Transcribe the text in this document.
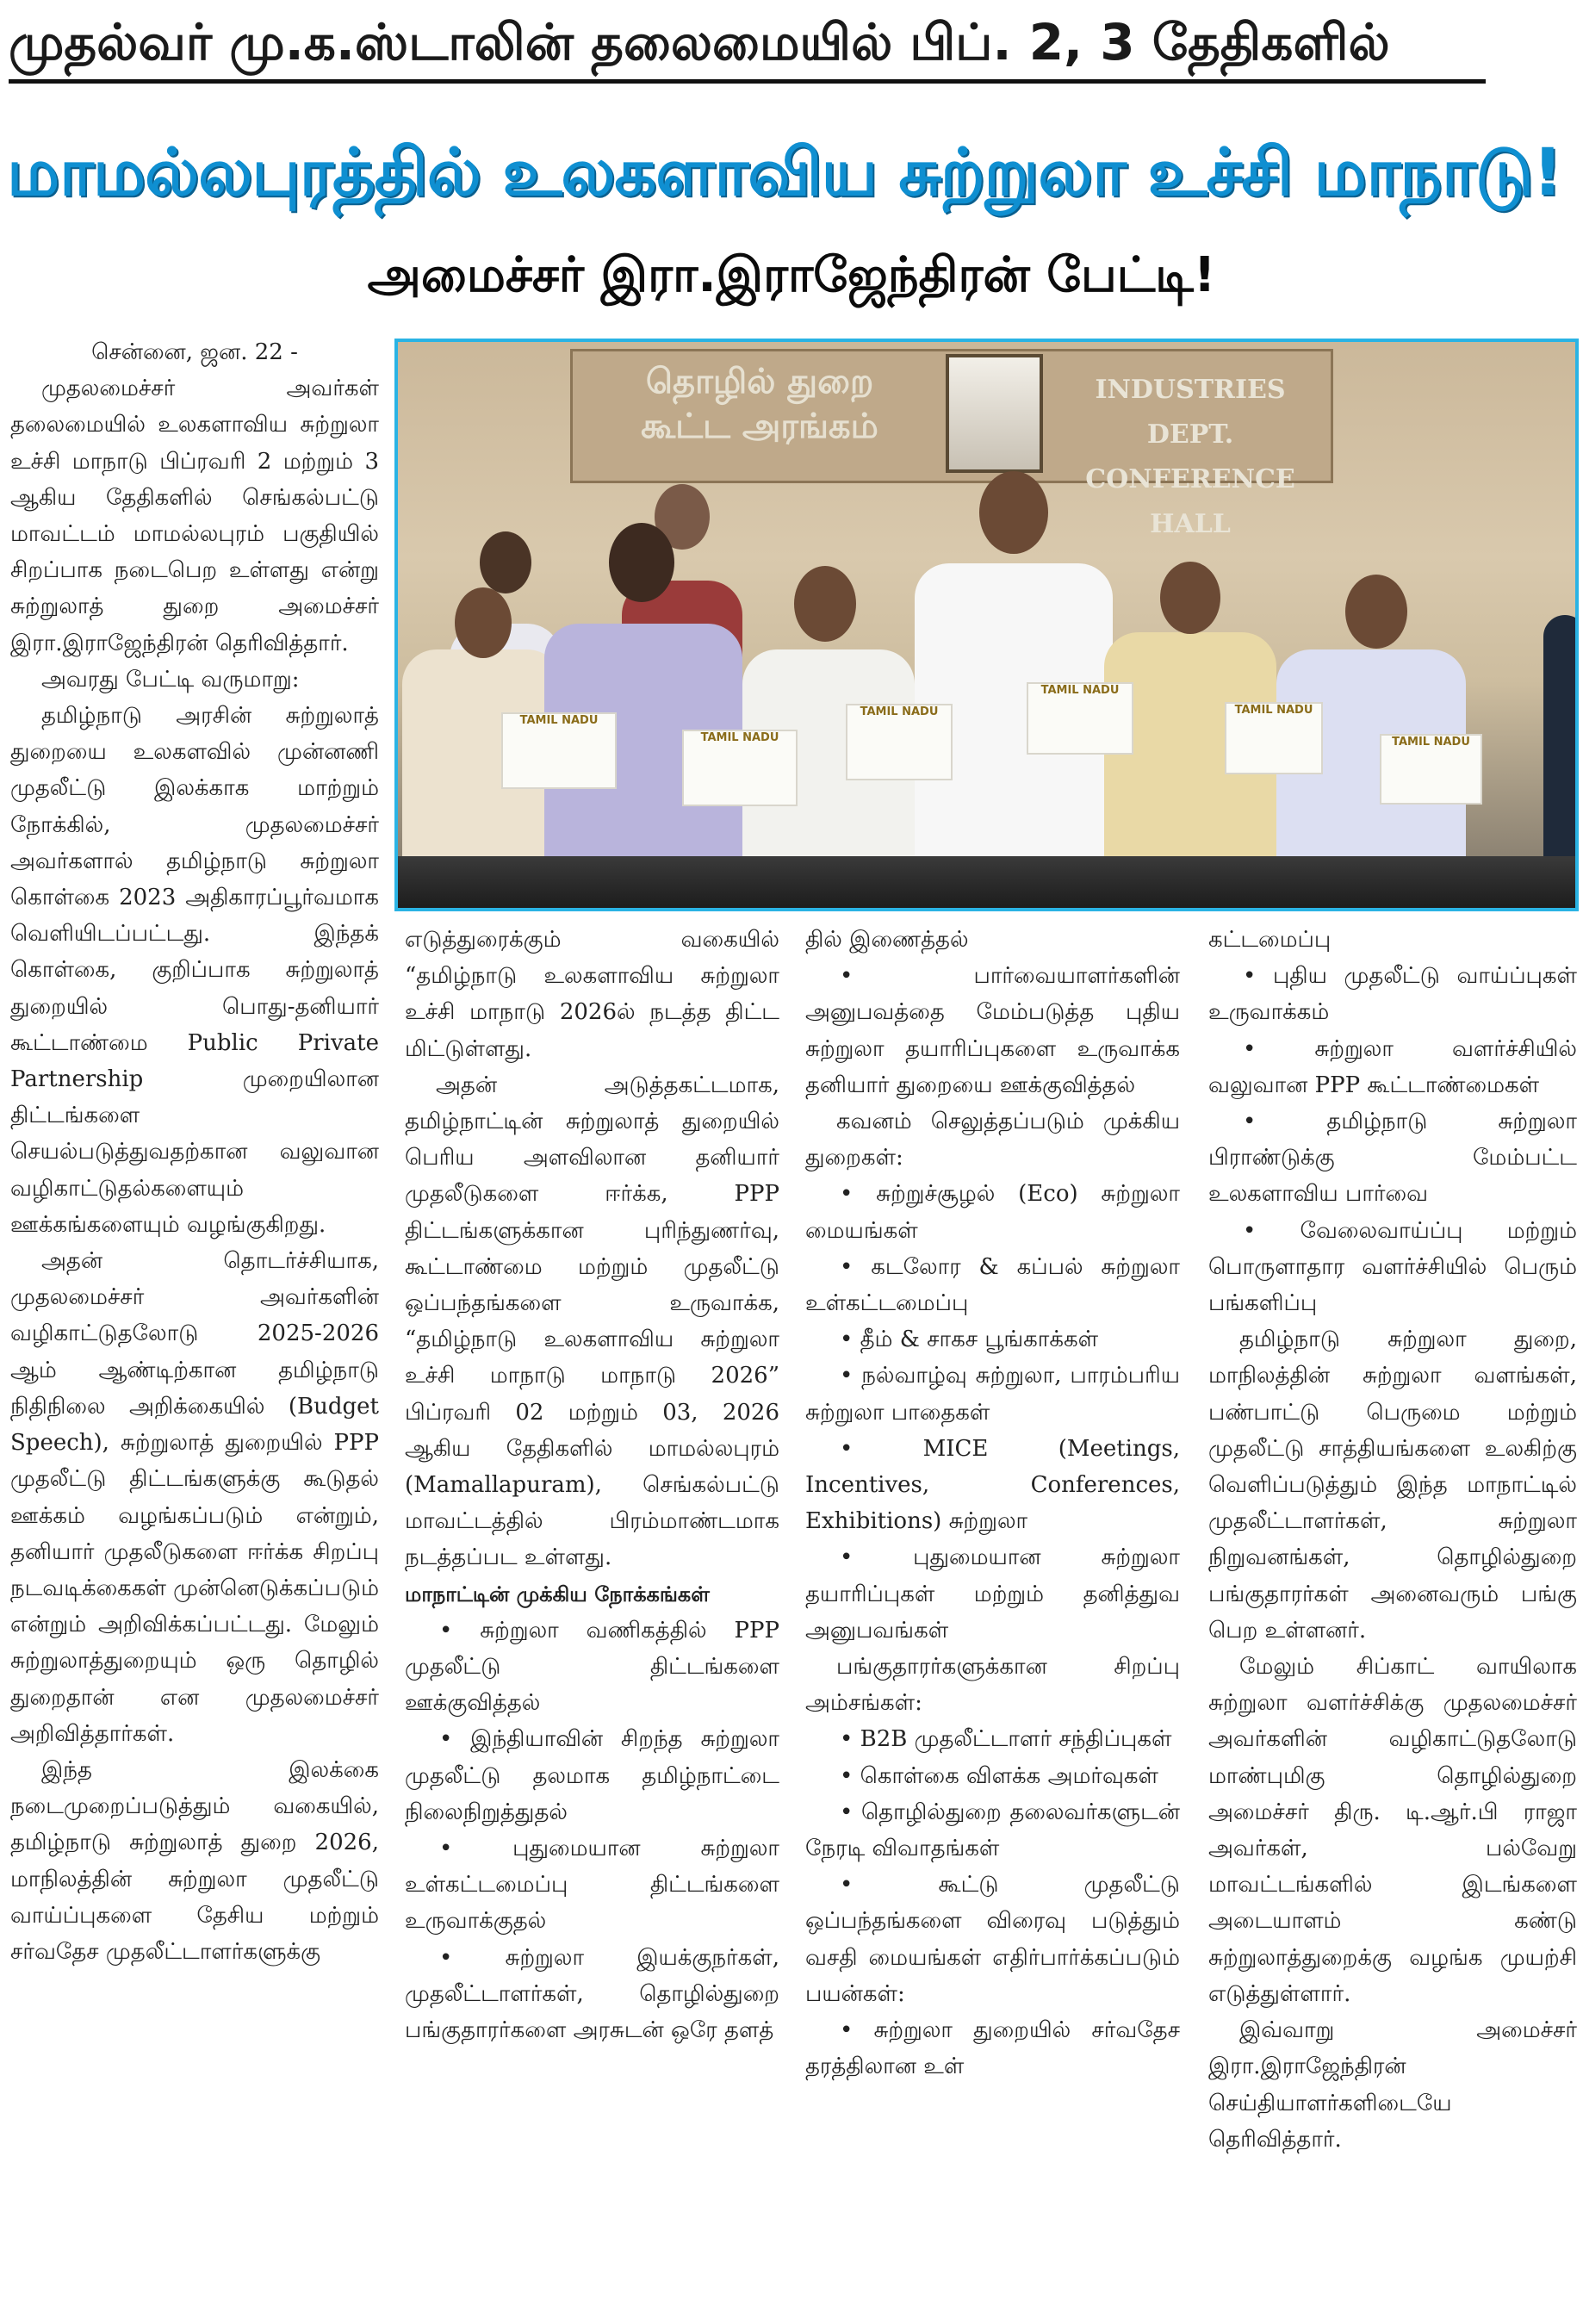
முதல்வர் மு.க.ஸ்டாலின் தலைமையில் பிப். 2, 3 தேதிகளில்
மாமல்லபுரத்தில் உலகளாவிய சுற்றுலா உச்சி மாநாடு!
அமைச்சர் இரா.இராஜேந்திரன் பேட்டி!

சென்னை, ஜன. 22 -

முதலமைச்சர் அவர்கள் தலைமையில் உலகளாவிய சுற்றுலா உச்சி மாநாடு பிப்ரவரி 2 மற்றும் 3 ஆகிய தேதிகளில் செங்கல்பட்டு மாவட்டம் மாமல்லபுரம் பகுதியில் சிறப்பாக நடைபெற உள்ளது என்று சுற்றுலாத் துறை அமைச்சர் இரா.இராஜேந்திரன் தெரிவித்தார்.

அவரது பேட்டி வருமாறு:

தமிழ்நாடு அரசின் சுற்றுலாத் துறையை உலகளவில் முன்னணி முதலீட்டு இலக்காக மாற்றும் நோக்கில், முதலமைச்சர் அவர்களால் தமிழ்நாடு சுற்றுலா கொள்கை 2023 அதிகாரப்பூர்வமாக வெளியிடப்பட்டது. இந்தக் கொள்கை, குறிப்பாக சுற்றுலாத் துறையில் பொது-தனியார் கூட்டாண்மை Public Private Partnership முறையிலான திட்டங்களை செயல்படுத்துவதற்கான வலுவான வழிகாட்டுதல்களையும் ஊக்கங்களையும் வழங்குகிறது.

அதன் தொடர்ச்சியாக, முதலமைச்சர் அவர்களின் வழிகாட்டுதலோடு 2025-2026 ஆம் ஆண்டிற்கான தமிழ்நாடு நிதிநிலை அறிக்கையில் (Budget Speech), சுற்றுலாத் துறையில் PPP முதலீட்டு திட்டங்களுக்கு கூடுதல் ஊக்கம் வழங்கப்படும் என்றும், தனியார் முதலீடுகளை ஈர்க்க சிறப்பு நடவடிக்கைகள் முன்னெடுக்கப்படும் என்றும் அறிவிக்கப்பட்டது. மேலும் சுற்றுலாத்துறையும் ஒரு தொழில் துறைதான் என முதலமைச்சர் அறிவித்தார்கள்.

இந்த இலக்கை நடைமுறைப்படுத்தும் வகையில், தமிழ்நாடு சுற்றுலாத் துறை 2026, மாநிலத்தின் சுற்றுலா முதலீட்டு வாய்ப்புகளை தேசிய மற்றும் சர்வதேச முதலீட்டாளர்களுக்கு

தொழில் துறை
கூட்ட அரங்கம்
INDUSTRIES DEPT.
CONFERENCE HALL
TAMIL NADU
TAMIL NADU
TAMIL NADU
TAMIL NADU
TAMIL NADU
TAMIL NADU

எடுத்துரைக்கும் வகையில் “தமிழ்நாடு உலகளாவிய சுற்றுலா உச்சி மாநாடு 2026ல் நடத்த திட்ட மிட்டுள்ளது.

அதன் அடுத்தகட்டமாக, தமிழ்நாட்டின் சுற்றுலாத் துறையில் பெரிய அளவிலான தனியார் முதலீடுகளை ஈர்க்க, PPP திட்டங்களுக்கான புரிந்துணர்வு, கூட்டாண்மை மற்றும் முதலீட்டு ஒப்பந்தங்களை உருவாக்க, “தமிழ்நாடு உலகளாவிய சுற்றுலா உச்சி மாநாடு மாநாடு 2026” பிப்ரவரி 02 மற்றும் 03, 2026 ஆகிய தேதிகளில் மாமல்லபுரம் (Mamallapuram), செங்கல்பட்டு மாவட்டத்தில் பிரம்மாண்டமாக நடத்தப்பட உள்ளது.

மாநாட்டின் முக்கிய நோக்கங்கள்

• சுற்றுலா வணிகத்தில் PPP முதலீட்டு திட்டங்களை ஊக்குவித்தல்

• இந்தியாவின் சிறந்த சுற்றுலா முதலீட்டு தலமாக தமிழ்நாட்டை நிலைநிறுத்துதல்

• புதுமையான சுற்றுலா உள்கட்டமைப்பு திட்டங்களை உருவாக்குதல்

• சுற்றுலா இயக்குநர்கள், முதலீட்டாளர்கள், தொழில்துறை பங்குதாரர்களை அரசுடன் ஒரே தளத்

தில் இணைத்தல்

• பார்வையாளர்களின் அனுபவத்தை மேம்படுத்த புதிய சுற்றுலா தயாரிப்புகளை உருவாக்க தனியார் துறையை ஊக்குவித்தல்

கவனம் செலுத்தப்படும் முக்கிய துறைகள்:

• சுற்றுச்சூழல் (Eco) சுற்றுலா மையங்கள்

• கடலோர & கப்பல் சுற்றுலா உள்கட்டமைப்பு

• தீம் & சாகச பூங்காக்கள்

• நல்வாழ்வு சுற்றுலா, பாரம்பரிய சுற்றுலா பாதைகள்

• MICE (Meetings, Incentives, Conferences, Exhibitions) சுற்றுலா

• புதுமையான சுற்றுலா தயாரிப்புகள் மற்றும் தனித்துவ அனுபவங்கள்

பங்குதாரர்களுக்கான சிறப்பு அம்சங்கள்:

• B2B முதலீட்டாளர் சந்திப்புகள்

• கொள்கை விளக்க அமர்வுகள்

• தொழில்துறை தலைவர்களுடன் நேரடி விவாதங்கள்

• கூட்டு முதலீட்டு ஒப்பந்தங்களை விரைவு படுத்தும் வசதி மையங்கள் எதிர்பார்க்கப்படும் பயன்கள்:

• சுற்றுலா துறையில் சர்வதேச தரத்திலான உள்

கட்டமைப்பு

• புதிய முதலீட்டு வாய்ப்புகள் உருவாக்கம்

• சுற்றுலா வளர்ச்சியில் வலுவான PPP கூட்டாண்மைகள்

• தமிழ்நாடு சுற்றுலா பிராண்டுக்கு மேம்பட்ட உலகளாவிய பார்வை

• வேலைவாய்ப்பு மற்றும் பொருளாதார வளர்ச்சியில் பெரும் பங்களிப்பு

தமிழ்நாடு சுற்றுலா துறை, மாநிலத்தின் சுற்றுலா வளங்கள், பண்பாட்டு பெருமை மற்றும் முதலீட்டு சாத்தியங்களை உலகிற்கு வெளிப்படுத்தும் இந்த மாநாட்டில் முதலீட்டாளர்கள், சுற்றுலா நிறுவனங்கள், தொழில்துறை பங்குதாரர்கள் அனைவரும் பங்கு பெற உள்ளனர்.

மேலும் சிப்காட் வாயிலாக சுற்றுலா வளர்ச்சிக்கு முதலமைச்சர் அவர்களின் வழிகாட்டுதலோடு மாண்புமிகு தொழில்துறை அமைச்சர் திரு. டி.ஆர்.பி ராஜா அவர்கள், பல்வேறு மாவட்டங்களில் இடங்களை அடையாளம் கண்டு சுற்றுலாத்துறைக்கு வழங்க முயற்சி எடுத்துள்ளார்.

இவ்வாறு அமைச்சர் இரா.இராஜேந்திரன் செய்தியாளர்களிடையே தெரிவித்தார்.
